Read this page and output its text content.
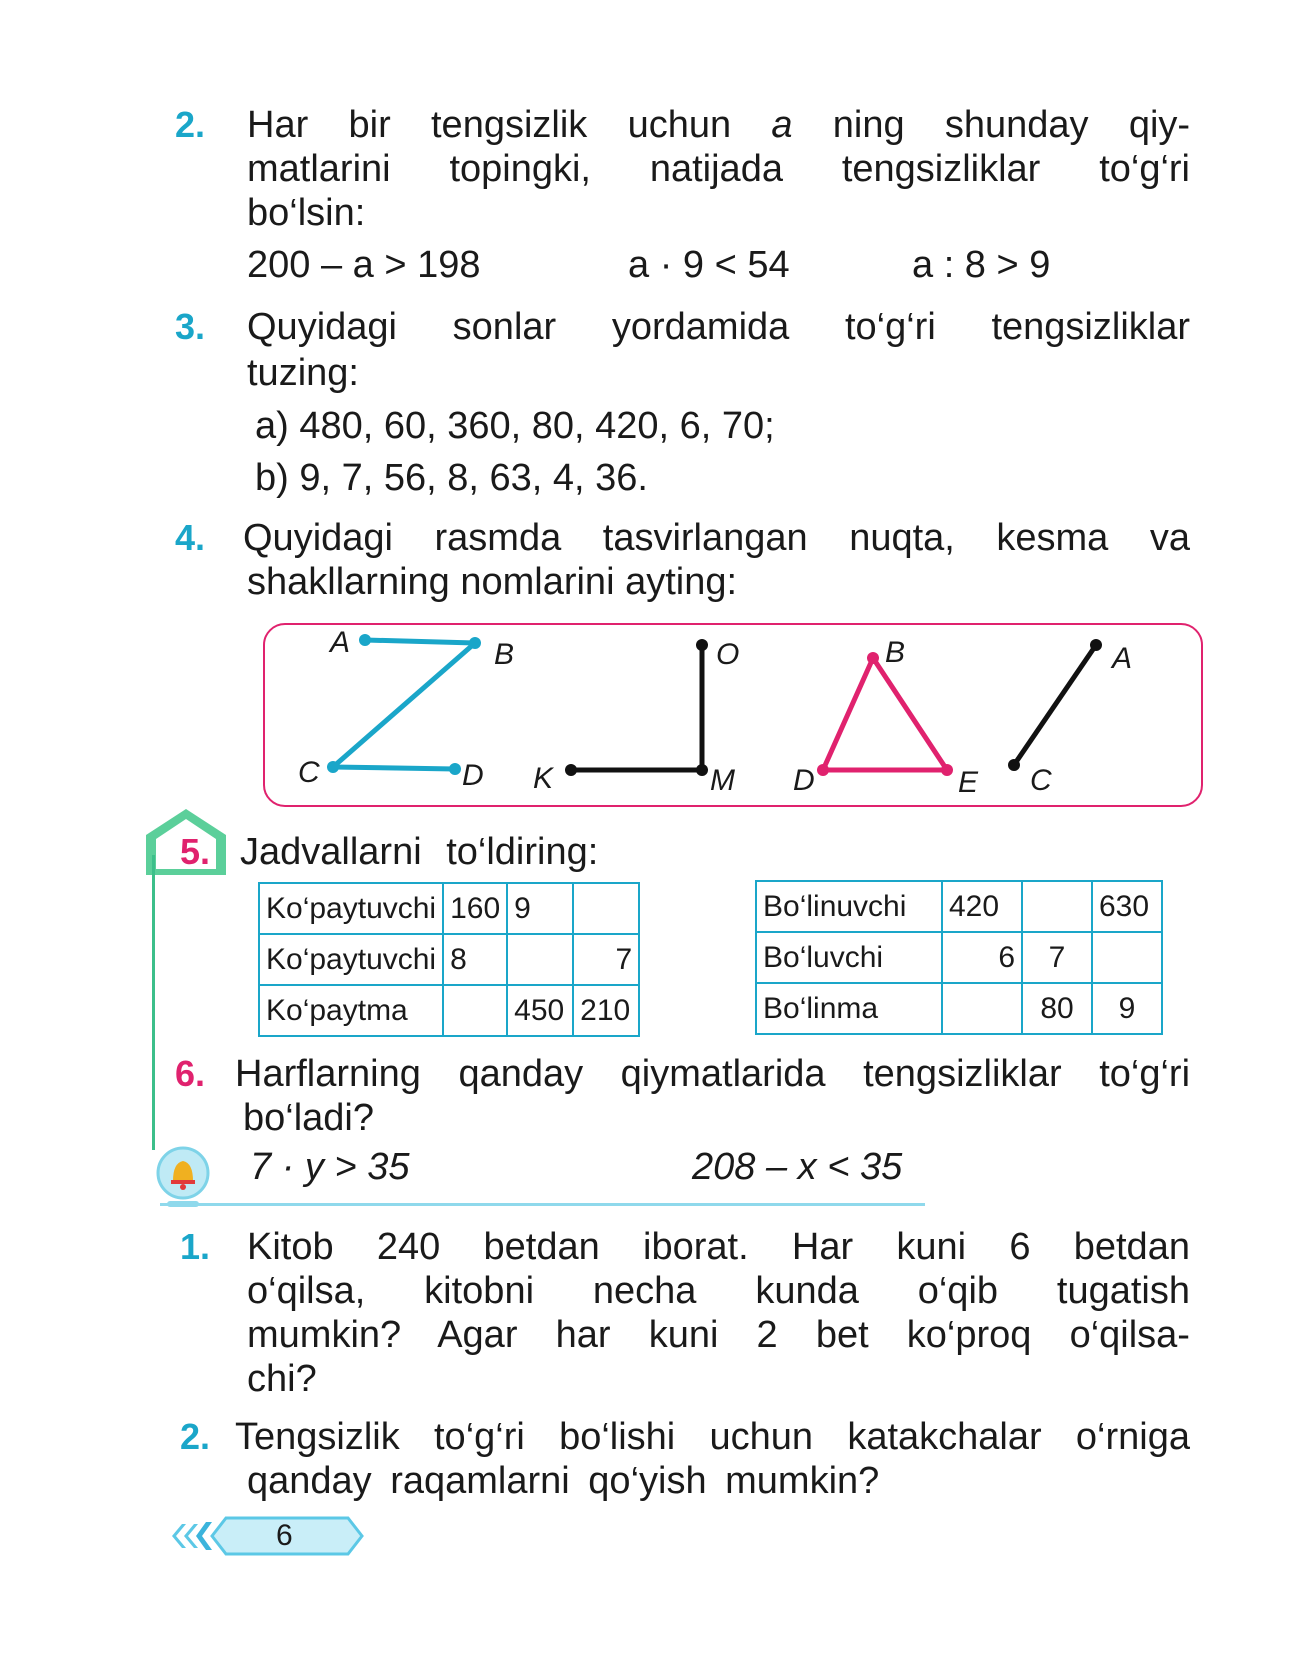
2. Har bir tengsizlik uchun a ning shunday qiy-
matlarini topingki, natijada tengsizliklar to‘g‘ri
bo‘lsin:
200 – a > 198	a · 9 < 54	a : 8 > 9
3. Quyidagi sonlar yordamida to‘g‘ri tengsizliklar
tuzing:
a) 480, 60, 360, 80, 420, 6, 70;
b) 9, 7, 56, 8, 63, 4, 36.
4. Quyidagi rasmda tasvirlangan nuqta, kesma va
shakllarning nomlarini ayting:
A	B
C	D
O
K	M
B
D	E
A
C
5. Jadvallarni to‘ldiring:
Ko‘paytuvchi	160	9	
Ko‘paytuvchi	8		7
Ko‘paytma		450	210
Bo‘linuvchi	420		630
Bo‘luvchi	6	7	
Bo‘linma		80	9
6. Harflarning qanday qiymatlarida tengsizliklar to‘g‘ri
bo‘ladi?
7 · y > 35	208 – x < 35
1. Kitob 240 betdan iborat. Har kuni 6 betdan
o‘qilsa, kitobni necha kunda o‘qib tugatish
mumkin? Agar har kuni 2 bet ko‘proq o‘qilsa-
chi?
2. Tengsizlik to‘g‘ri bo‘lishi uchun katakchalar o‘rniga
qanday raqamlarni qo‘yish mumkin?
6
